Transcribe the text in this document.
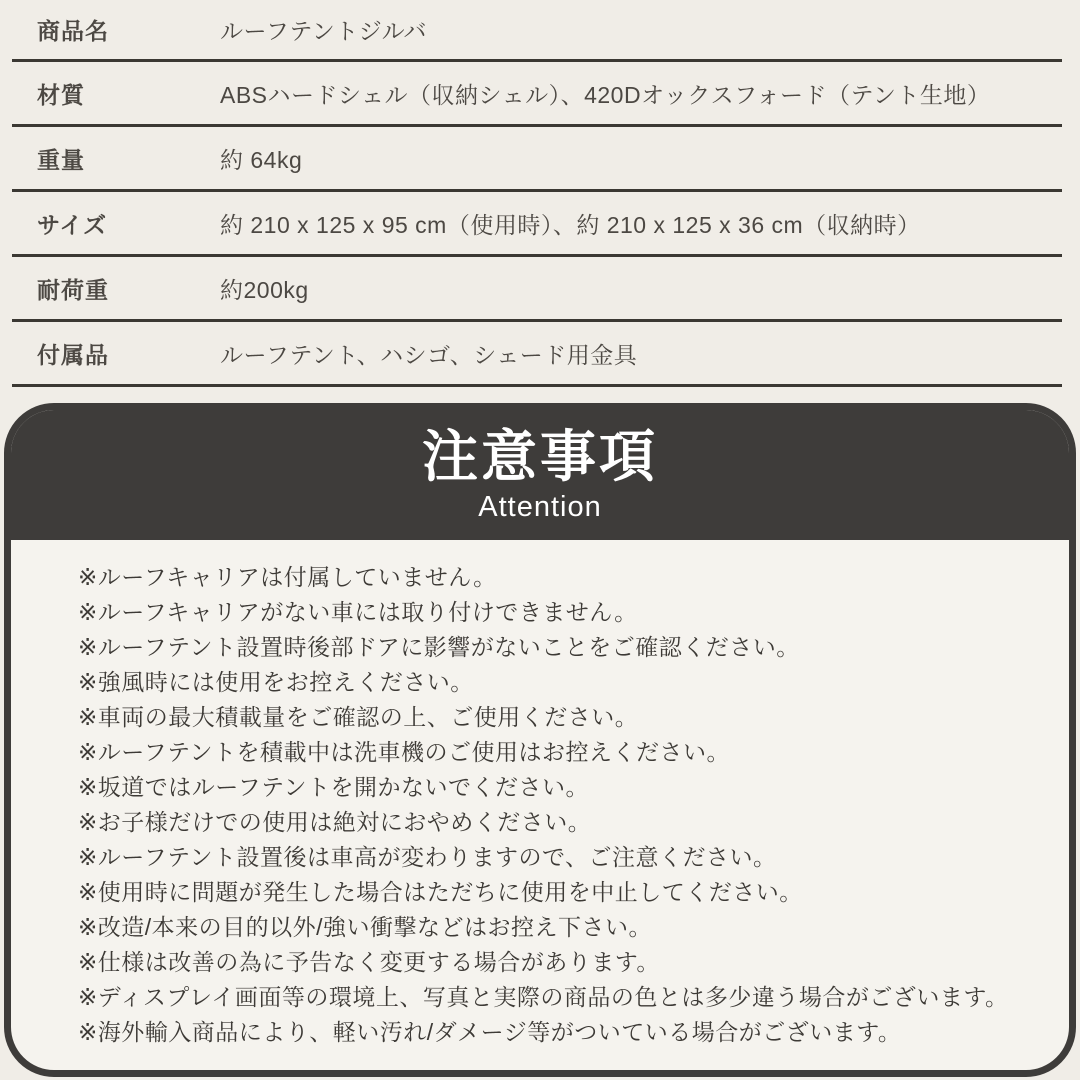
商品名	ルーフテントジルバ
材質	ABSハードシェル（収納シェル）、420Dオックスフォード（テント生地）
重量	約 64kg
サイズ	約 210 x 125 x 95 cm（使用時）、約 210 x 125 x 36 cm（収納時）
耐荷重	約200kg
付属品	ルーフテント、ハシゴ、シェード用金具
注意事項
Attention
※ルーフキャリアは付属していません。
※ルーフキャリアがない車には取り付けできません。
※ルーフテント設置時後部ドアに影響がないことをご確認ください。
※強風時には使用をお控えください。
※車両の最大積載量をご確認の上、ご使用ください。
※ルーフテントを積載中は洗車機のご使用はお控えください。
※坂道ではルーフテントを開かないでください。
※お子様だけでの使用は絶対におやめください。
※ルーフテント設置後は車高が変わりますので、ご注意ください。
※使用時に問題が発生した場合はただちに使用を中止してください。
※改造/本来の目的以外/強い衝撃などはお控え下さい。
※仕様は改善の為に予告なく変更する場合があります。
※ディスプレイ画面等の環境上、写真と実際の商品の色とは多少違う場合がございます。
※海外輸入商品により、軽い汚れ/ダメージ等がついている場合がございます。
